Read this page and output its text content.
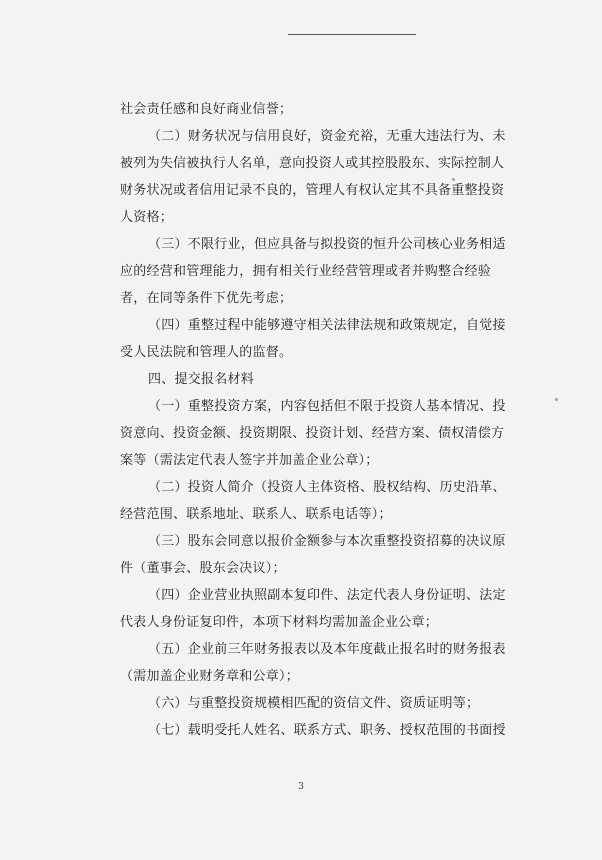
社会责任感和良好商业信誉；
（二）财务状况与信用良好，资金充裕，无重大违法行为、未
被列为失信被执行人名单，意向投资人或其控股股东、实际控制人
财务状况或者信用记录不良的，管理人有权认定其不具备重整投资
人资格；
（三）不限行业，但应具备与拟投资的恒升公司核心业务相适
应的经营和管理能力，拥有相关行业经营管理或者并购整合经验
者，在同等条件下优先考虑；
（四）重整过程中能够遵守相关法律法规和政策规定，自觉接
受人民法院和管理人的监督。
四、提交报名材料
（一）重整投资方案，内容包括但不限于投资人基本情况、投
资意向、投资金额、投资期限、投资计划、经营方案、债权清偿方
案等（需法定代表人签字并加盖企业公章）；
（二）投资人简介（投资人主体资格、股权结构、历史沿革、
经营范围、联系地址、联系人、联系电话等）；
（三）股东会同意以报价金额参与本次重整投资招募的决议原
件（董事会、股东会决议）；
（四）企业营业执照副本复印件、法定代表人身份证明、法定
代表人身份证复印件，本项下材料均需加盖企业公章；
（五）企业前三年财务报表以及本年度截止报名时的财务报表
（需加盖企业财务章和公章）；
（六）与重整投资规模相匹配的资信文件、资质证明等；
（七）载明受托人姓名、联系方式、职务、授权范围的书面授
3
